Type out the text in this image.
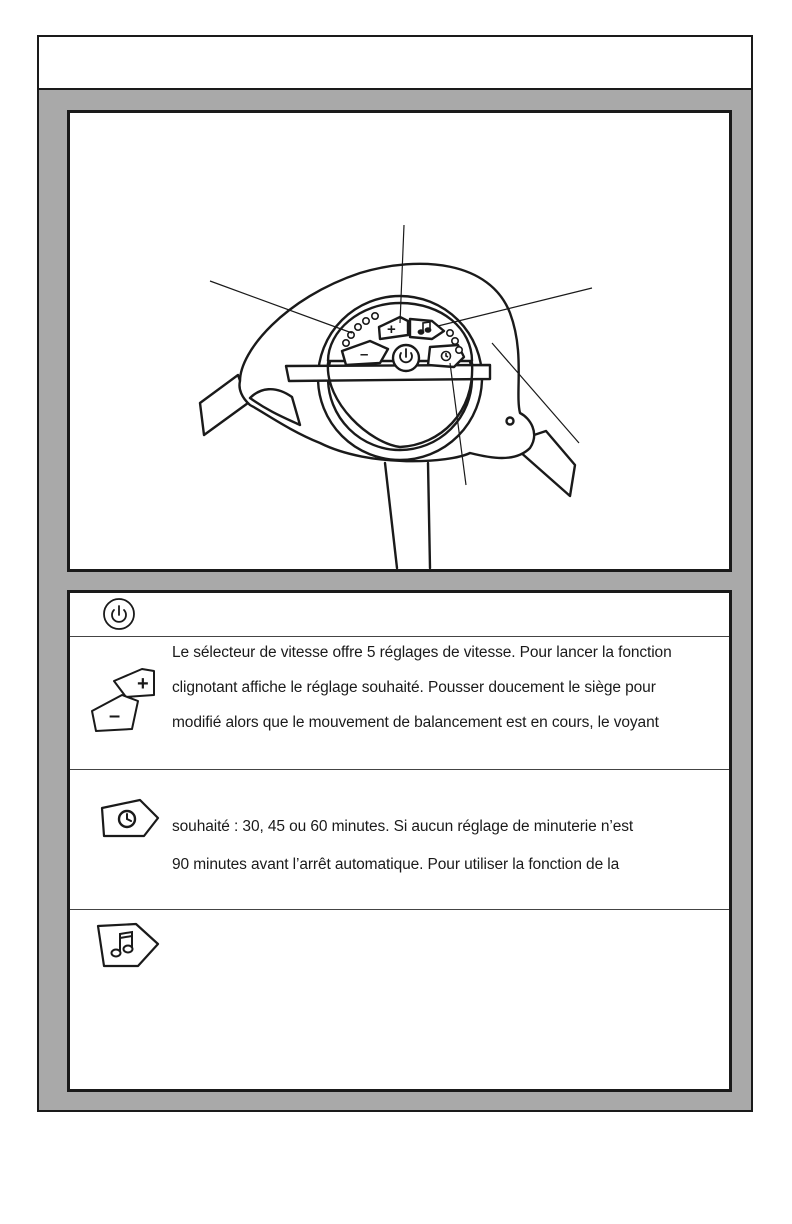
+
–
+
–
Le sélecteur de vitesse offre 5 réglages de vitesse. Pour lancer la fonction
clignotant affiche le réglage souhaité. Pousser doucement le siège pour
modifié alors que le mouvement de balancement est en cours, le voyant
souhaité : 30, 45 ou 60 minutes. Si aucun réglage de minuterie n’est
90 minutes avant l’arrêt automatique. Pour utiliser la fonction de la
